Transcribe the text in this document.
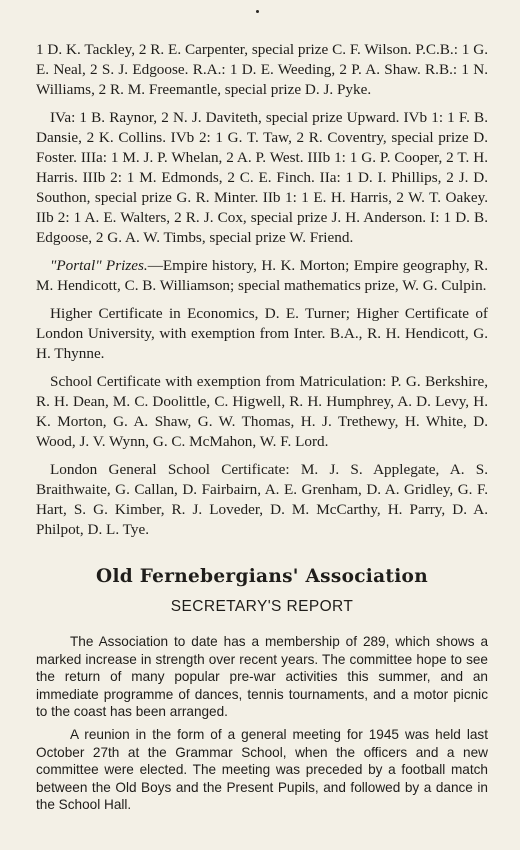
1 D. K. Tackley, 2 R. E. Carpenter, special prize C. F. Wilson. P.C.B.: 1 G. E. Neal, 2 S. J. Edgoose. R.A.: 1 D. E. Weeding, 2 P. A. Shaw. R.B.: 1 N. Williams, 2 R. M. Freemantle, special prize D. J. Pyke.

IVa: 1 B. Raynor, 2 N. J. Daviteth, special prize Upward. IVb 1: 1 F. B. Dansie, 2 K. Collins. IVb 2: 1 G. T. Taw, 2 R. Coventry, special prize D. Foster. IIIa: 1 M. J. P. Whelan, 2 A. P. West. IIIb 1: 1 G. P. Cooper, 2 T. H. Harris. IIIb 2: 1 M. Edmonds, 2 C. E. Finch. IIa: 1 D. I. Phillips, 2 J. D. Southon, special prize G. R. Minter. IIb 1: 1 E. H. Harris, 2 W. T. Oakey. IIb 2: 1 A. E. Walters, 2 R. J. Cox, special prize J. H. Anderson. I: 1 D. B. Edgoose, 2 G. A. W. Timbs, special prize W. Friend.

"Portal" Prizes.—Empire history, H. K. Morton; Empire geography, R. M. Hendicott, C. B. Williamson; special mathematics prize, W. G. Culpin.

Higher Certificate in Economics, D. E. Turner; Higher Certificate of London University, with exemption from Inter. B.A., R. H. Hendicott, G. H. Thynne.

School Certificate with exemption from Matriculation: P. G. Berkshire, R. H. Dean, M. C. Doolittle, C. Higwell, R. H. Humphrey, A. D. Levy, H. K. Morton, G. A. Shaw, G. W. Thomas, H. J. Trethewy, H. White, D. Wood, J. V. Wynn, G. C. McMahon, W. F. Lord.

London General School Certificate: M. J. S. Applegate, A. S. Braithwaite, G. Callan, D. Fairbairn, A. E. Grenham, D. A. Gridley, G. F. Hart, S. G. Kimber, R. J. Loveder, D. M. McCarthy, H. Parry, D. A. Philpot, D. L. Tye.

Old Fernebergians' Association
SECRETARY'S REPORT

The Association to date has a membership of 289, which shows a marked increase in strength over recent years. The committee hope to see the return of many popular pre-war activities this summer, and an immediate programme of dances, tennis tournaments, and a motor picnic to the coast has been arranged.

A reunion in the form of a general meeting for 1945 was held last October 27th at the Grammar School, when the officers and a new committee were elected. The meeting was preceded by a football match between the Old Boys and the Present Pupils, and followed by a dance in the School Hall.
